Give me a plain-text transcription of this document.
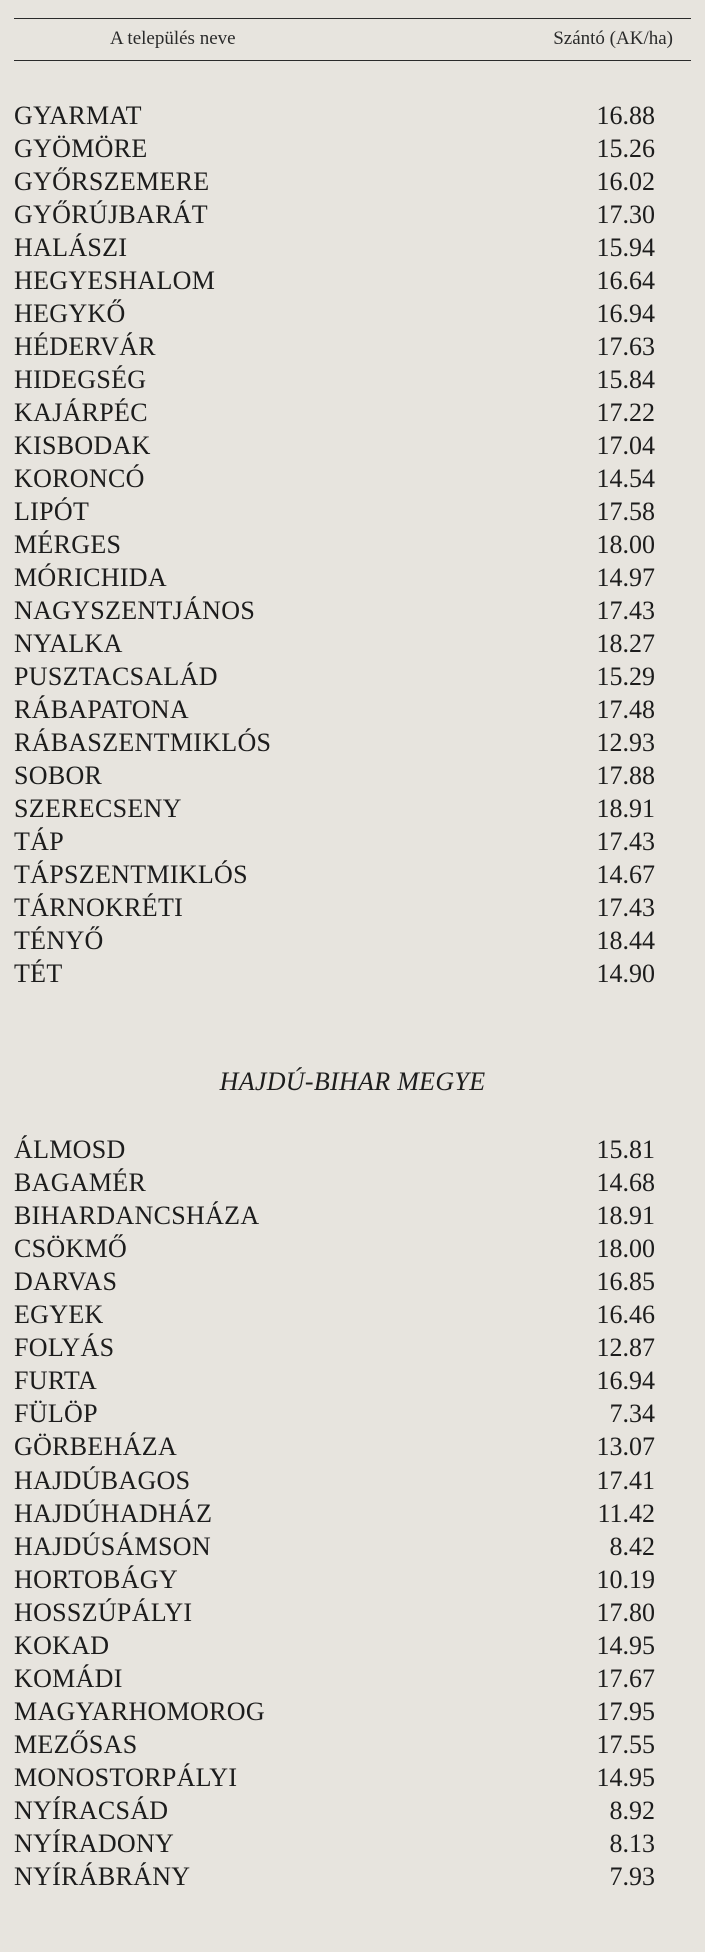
A település neve	Szántó (AK/ha)
GYARMAT	16.88
GYÖMÖRE	15.26
GYŐRSZEMERE	16.02
GYŐRÚJBARÁT	17.30
HALÁSZI	15.94
HEGYESHALOM	16.64
HEGYKŐ	16.94
HÉDERVÁR	17.63
HIDEGSÉG	15.84
KAJÁRPÉC	17.22
KISBODAK	17.04
KORONCÓ	14.54
LIPÓT	17.58
MÉRGES	18.00
MÓRICHIDA	14.97
NAGYSZENTJÁNOS	17.43
NYALKA	18.27
PUSZTACSALÁD	15.29
RÁBAPATONA	17.48
RÁBASZENTMIKLÓS	12.93
SOBOR	17.88
SZERECSENY	18.91
TÁP	17.43
TÁPSZENTMIKLÓS	14.67
TÁRNOKRÉTI	17.43
TÉNYŐ	18.44
TÉT	14.90
HAJDÚ-BIHAR MEGYE
ÁLMOSD	15.81
BAGAMÉR	14.68
BIHARDANCSHÁZA	18.91
CSÖKMŐ	18.00
DARVAS	16.85
EGYEK	16.46
FOLYÁS	12.87
FURTA	16.94
FÜLÖP	7.34
GÖRBEHÁZA	13.07
HAJDÚBAGOS	17.41
HAJDÚHADHÁZ	11.42
HAJDÚSÁMSON	8.42
HORTOBÁGY	10.19
HOSSZÚPÁLYI	17.80
KOKAD	14.95
KOMÁDI	17.67
MAGYARHOMOROG	17.95
MEZŐSAS	17.55
MONOSTORPÁLYI	14.95
NYÍRACSÁD	8.92
NYÍRADONY	8.13
NYÍRÁBRÁNY	7.93
